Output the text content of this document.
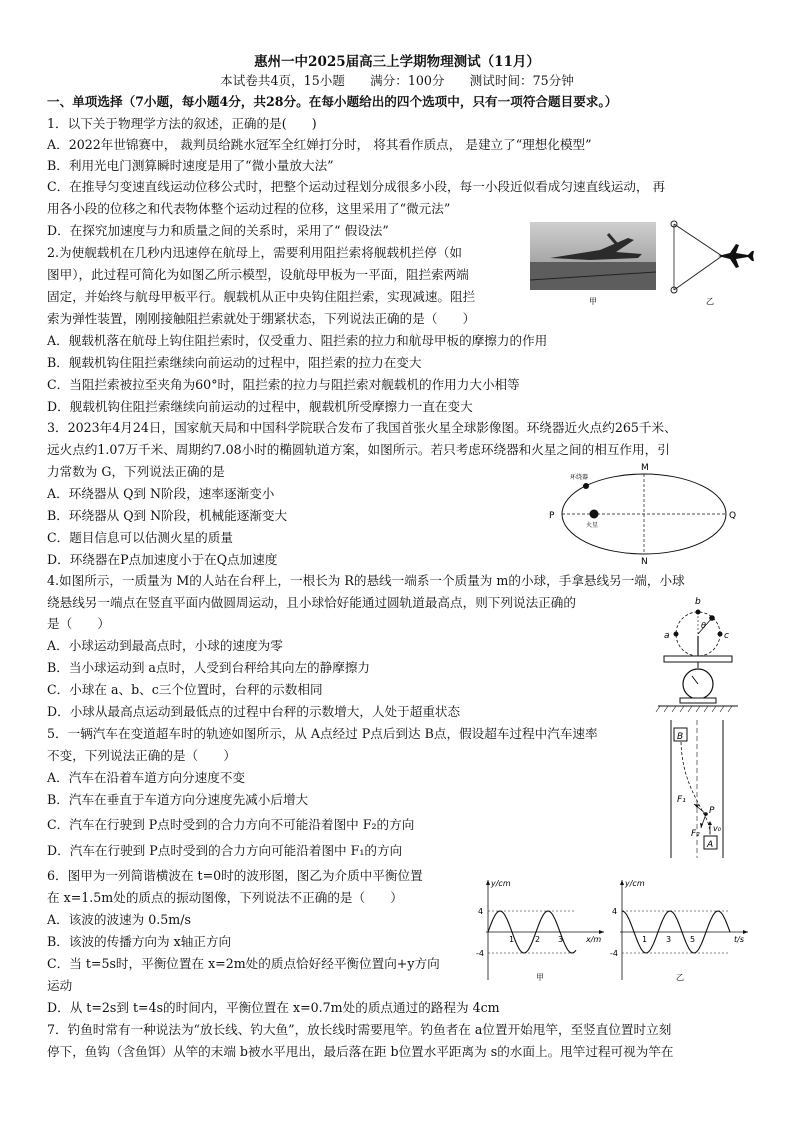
惠州一中2025届高三上学期物理测试（11月）
本试卷共4页，15小题　　满分：100分　　测试时间：75分钟
一、单项选择（7小题，每小题4分，共28分。在每小题给出的四个选项中，只有一项符合题目要求。）
1．以下关于物理学方法的叙述，正确的是(　　)
A．2022年世锦赛中， 裁判员给跳水冠军全红婵打分时， 将其看作质点， 是建立了“理想化模型”
B．利用光电门测算瞬时速度是用了“微小量放大法”
C．在推导匀变速直线运动位移公式时，把整个运动过程划分成很多小段，每一小段近似看成匀速直线运动， 再
用各小段的位移之和代表物体整个运动过程的位移，这里采用了“微元法”
D．在探究加速度与力和质量之间的关系时，采用了“ 假设法”
甲	乙
2.为使舰载机在几秒内迅速停在航母上，需要利用阻拦索将舰载机拦停（如
图甲），此过程可简化为如图乙所示模型，设航母甲板为一平面，阻拦索两端
固定，并始终与航母甲板平行。舰载机从正中央钩住阻拦索，实现减速。阻拦
索为弹性装置，刚刚接触阻拦索就处于绷紧状态，下列说法正确的是（　　）
A．舰载机落在航母上钩住阻拦索时，仅受重力、阻拦索的拉力和航母甲板的摩擦力的作用
B．舰载机钩住阻拦索继续向前运动的过程中，阻拦索的拉力在变大
C．当阻拦索被拉至夹角为60°时，阻拦索的拉力与阻拦索对舰载机的作用力大小相等
D．舰载机钩住阻拦索继续向前运动的过程中，舰载机所受摩擦力一直在变大
3．2023年4月24日，国家航天局和中国科学院联合发布了我国首张火星全球影像图。环绕器近火点约265千米、
远火点约1.07万千米、周期约7.08小时的椭圆轨道方案，如图所示。若只考虑环绕器和火星之间的相互作用，引
力常数为 G，下列说法正确的是
A．环绕器从 Q到 N阶段，速率逐渐变小
B．环绕器从 Q到 N阶段，机械能逐渐变大
C．题目信息可以估测火星的质量
D．环绕器在P点加速度小于在Q点加速度
环绕器
火星
M
N
P	Q
4.如图所示，一质量为 M的人站在台秤上，一根长为 R的悬线一端系一个质量为 m的小球，手拿悬线另一端，小球
绕悬线另一端点在竖直平面内做圆周运动，且小球恰好能通过圆轨道最高点，则下列说法正确的
是（　　）
A．小球运动到最高点时，小球的速度为零
B．当小球运动到 a点时，人受到台秤给其向左的静摩擦力
C．小球在 a、b、c三个位置时，台秤的示数相同
D．小球从最高点运动到最低点的过程中台秤的示数增大，人处于超重状态
b
a	c
θ
5．一辆汽车在变道超车时的轨迹如图所示，从 A点经过 P点后到达 B点，假设超车过程中汽车速率
不变，下列说法正确的是（　　）
A．汽车在沿着车道方向分速度不变
B．汽车在垂直于车道方向分速度先减小后增大
C．汽车在行驶到 P点时受到的合力方向不可能沿着图中 F₂的方向
D．汽车在行驶到 P点时受到的合力方向可能沿着图中 F₁的方向
B
A
P
F₁
F₂
v₀
6．图甲为一列简谐横波在 t=0时的波形图，图乙为介质中平衡位置
在 x=1.5m处的质点的振动图像，下列说法不正确的是（　　）
A．该波的波速为 0.5m/s
B．该波的传播方向为 x轴正方向
C．当 t=5s时，平衡位置在 x=2m处的质点恰好经平衡位置向+y方向
运动
D．从 t=2s到 t=4s的时间内，平衡位置在 x=0.7m处的质点通过的路程为 4cm
y/cm
x/m
4
-4
1	2 3
甲
y/cm
t/s
4
-4
1 3 5
乙
7．钓鱼时常有一种说法为“放长线、钓大鱼”，放长线时需要甩竿。钓鱼者在 a位置开始甩竿，至竖直位置时立刻
停下，鱼钩（含鱼饵）从竿的末端 b被水平甩出，最后落在距 b位置水平距离为 s的水面上。甩竿过程可视为竿在
